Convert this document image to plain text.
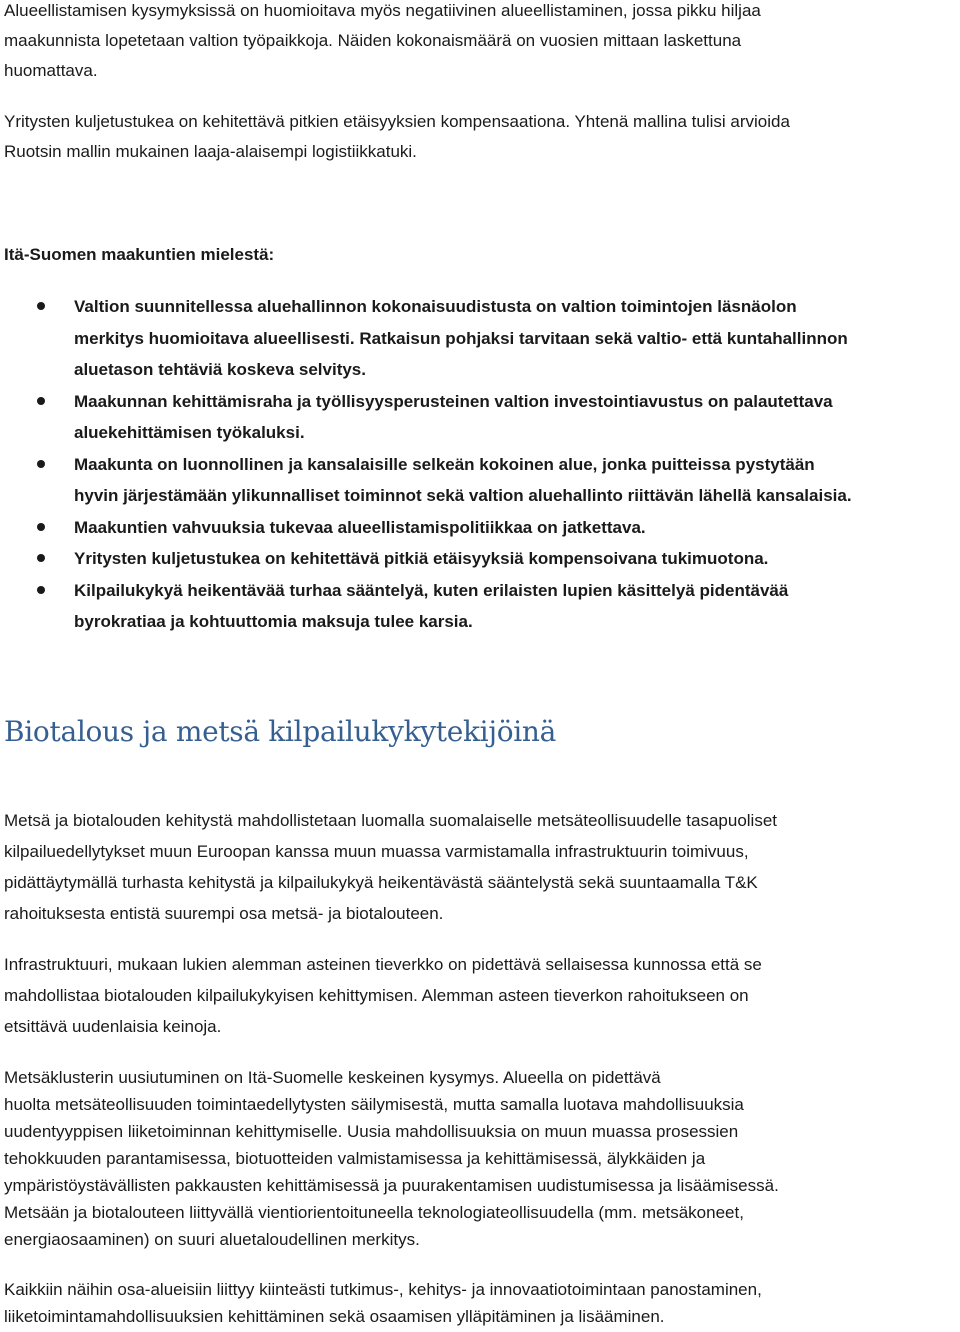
Alueellistamisen kysymyksissä on huomioitava myös negatiivinen alueellistaminen, jossa pikku hiljaa
maakunnista lopetetaan valtion työpaikkoja. Näiden kokonaismäärä on vuosien mittaan laskettuna
huomattava.
Yritysten kuljetustukea on kehitettävä pitkien etäisyyksien kompensaationa. Yhtenä mallina tulisi arvioida
Ruotsin mallin mukainen laaja-alaisempi logistiikkatuki.
Itä-Suomen maakuntien mielestä:
Valtion suunnitellessa aluehallinnon kokonaisuudistusta on valtion toimintojen läsnäolon
merkitys huomioitava alueellisesti. Ratkaisun pohjaksi tarvitaan sekä valtio- että kuntahallinnon
aluetason tehtäviä koskeva selvitys.
Maakunnan kehittämisraha ja työllisyysperusteinen valtion investointiavustus on palautettava
aluekehittämisen työkaluksi.
Maakunta on luonnollinen ja kansalaisille selkeän kokoinen alue, jonka puitteissa pystytään
hyvin järjestämään ylikunnalliset toiminnot sekä valtion aluehallinto riittävän lähellä kansalaisia.
Maakuntien vahvuuksia tukevaa alueellistamispolitiikkaa on jatkettava.
Yritysten kuljetustukea on kehitettävä pitkiä etäisyyksiä kompensoivana tukimuotona.
Kilpailukykyä heikentävää turhaa sääntelyä, kuten erilaisten lupien käsittelyä pidentävää
byrokratiaa ja kohtuuttomia maksuja tulee karsia.
Biotalous ja metsä kilpailukykytekijöinä
Metsä ja biotalouden kehitystä mahdollistetaan luomalla suomalaiselle metsäteollisuudelle tasapuoliset
kilpailuedellytykset muun Euroopan kanssa muun muassa varmistamalla infrastruktuurin toimivuus,
pidättäytymällä turhasta kehitystä ja kilpailukykyä heikentävästä sääntelystä sekä suuntaamalla T&K
rahoituksesta entistä suurempi osa metsä- ja biotalouteen.
Infrastruktuuri, mukaan lukien alemman asteinen tieverkko on pidettävä sellaisessa kunnossa että se
mahdollistaa biotalouden kilpailukykyisen kehittymisen. Alemman asteen tieverkon rahoitukseen on
etsittävä uudenlaisia keinoja.
Metsäklusterin uusiutuminen on Itä-Suomelle keskeinen kysymys. Alueella on pidettävä
huolta metsäteollisuuden toimintaedellytysten säilymisestä, mutta samalla luotava mahdollisuuksia
uudentyyppisen liiketoiminnan kehittymiselle. Uusia mahdollisuuksia on muun muassa prosessien
tehokkuuden parantamisessa, biotuotteiden valmistamisessa ja kehittämisessä, älykkäiden ja
ympäristöystävällisten pakkausten kehittämisessä ja puurakentamisen uudistumisessa ja lisäämisessä.
Metsään ja biotalouteen liittyvällä vientiorientoituneella teknologiateollisuudella (mm. metsäkoneet,
energiaosaaminen) on suuri aluetaloudellinen merkitys.
Kaikkiin näihin osa-alueisiin liittyy kiinteästi tutkimus-, kehitys- ja innovaatiotoimintaan panostaminen,
liiketoimintamahdollisuuksien kehittäminen sekä osaamisen ylläpitäminen ja lisääminen.
